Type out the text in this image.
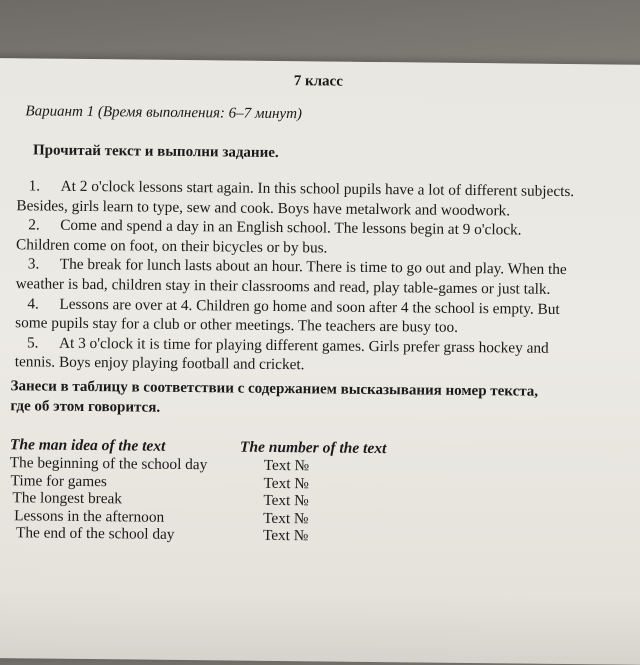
7 класс
Вариант 1 (Время выполнения: 6–7 минут)
Прочитай текст и выполни задание.

1. At 2 o'clock lessons start again. In this school pupils have a lot of different subjects.
Besides, girls learn to type, sew and cook. Boys have metalwork and woodwork.

2. Come and spend a day in an English school. The lessons begin at 9 o'clock.
Children come on foot, on their bicycles or by bus.

3. The break for lunch lasts about an hour. There is time to go out and play. When the
weather is bad, children stay in their classrooms and read, play table-games or just talk.

4. Lessons are over at 4. Children go home and soon after 4 the school is empty. But
some pupils stay for a club or other meetings. The teachers are busy too.

5. At 3 o'clock it is time for playing different games. Girls prefer grass hockey and
tennis. Boys enjoy playing football and cricket.

Занеси в таблицу в соответствии с содержанием высказывания номер текста,
где об этом говорится.
The man idea of the text	The number of the text
The beginning of the school day	Text №
Time for games	Text №
The longest break	Text №
Lessons in the afternoon	Text №
The end of the school day	Text №
